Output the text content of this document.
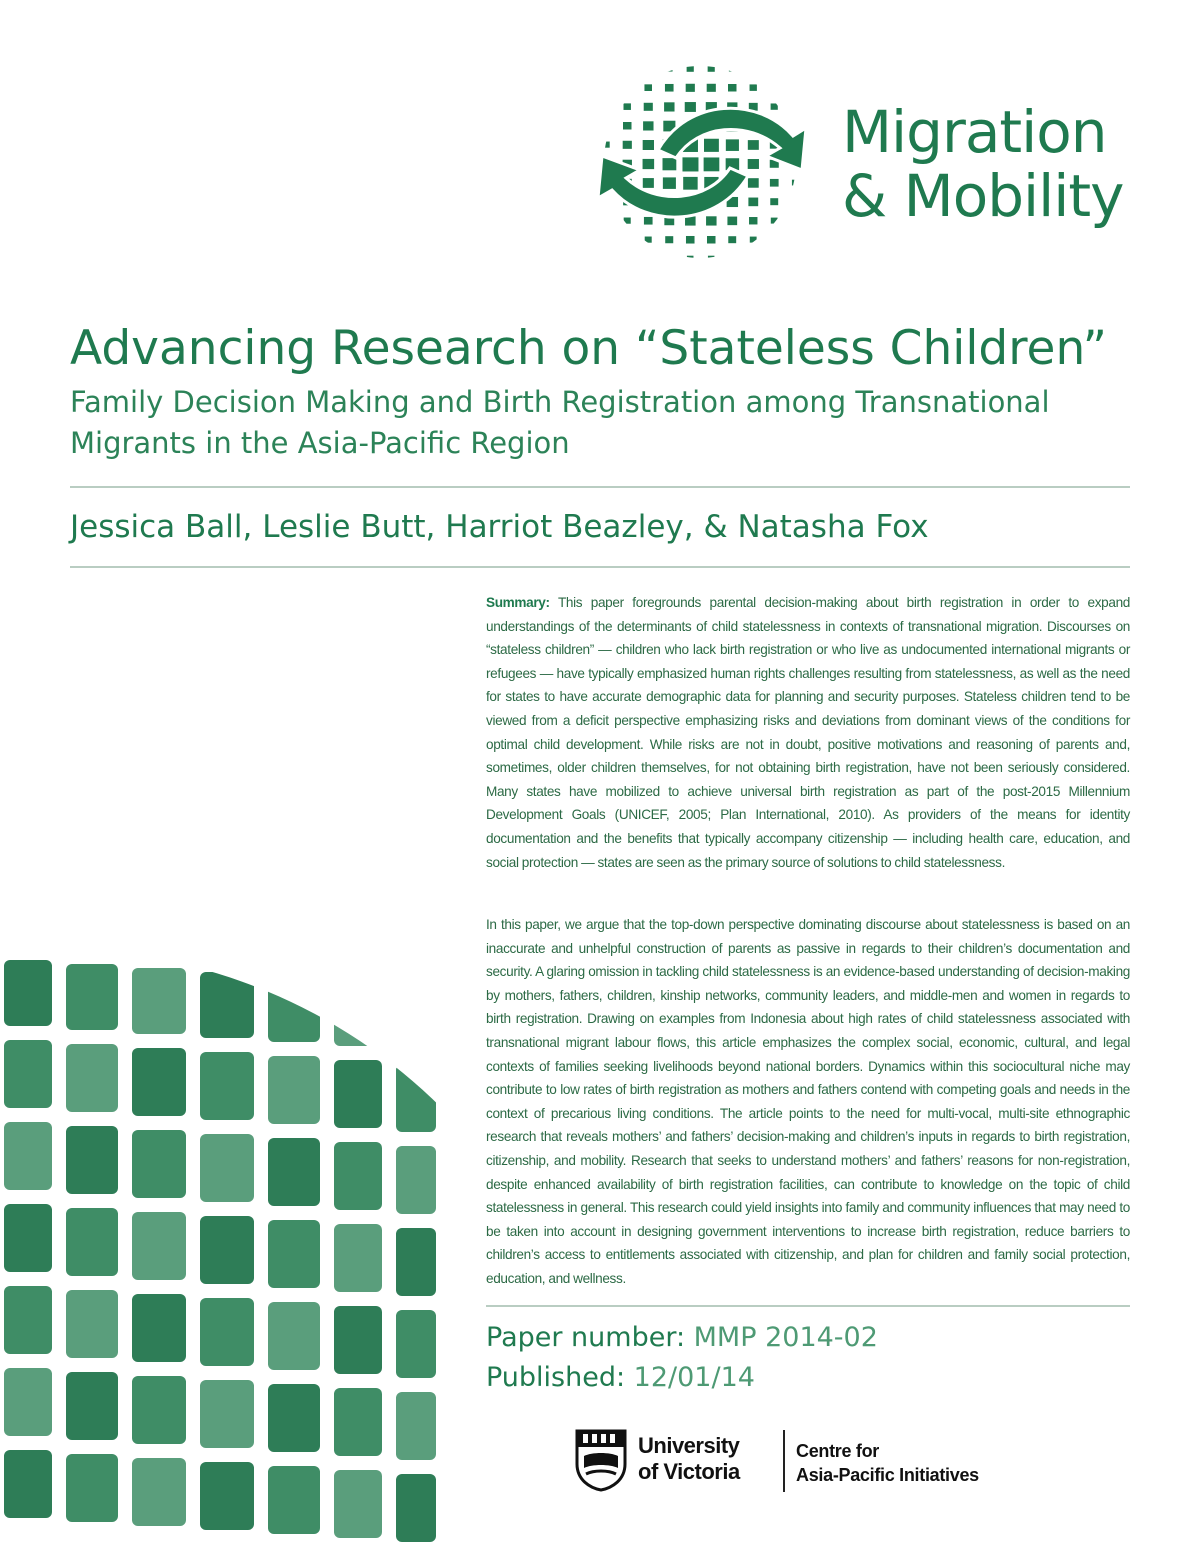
Migration
& Mobility
Advancing Research on “Stateless Children”
Family Decision Making and Birth Registration among Transnational Migrants in the Asia-Pacific Region
Jessica Ball, Leslie Butt, Harriot Beazley, & Natasha Fox
Summary: This paper foregrounds parental decision-making about birth registration in order to expand understandings of the determinants of child statelessness in contexts of transnational migration. Discourses on “stateless children” — children who lack birth registration or who live as undocumented international migrants or refugees — have typically emphasized human rights challenges resulting from statelessness, as well as the need for states to have accurate demographic data for planning and security purposes. Stateless children tend to be viewed from a deficit perspective emphasizing risks and deviations from dominant views of the conditions for optimal child development. While risks are not in doubt, positive motivations and reasoning of parents and, sometimes, older children themselves, for not obtaining birth registration, have not been seriously considered. Many states have mobilized to achieve universal birth registration as part of the post-2015 Millennium Development Goals (UNICEF, 2005; Plan International, 2010). As providers of the means for identity documentation and the benefits that typically accompany citizenship — including health care, education, and social protection — states are seen as the primary source of solutions to child statelessness.
In this paper, we argue that the top-down perspective dominating discourse about statelessness is based on an inaccurate and unhelpful construction of parents as passive in regards to their children’s documentation and security. A glaring omission in tackling child statelessness is an evidence-based understanding of decision-making by mothers, fathers, children, kinship networks, community leaders, and middle-men and women in regards to birth registration. Drawing on examples from Indonesia about high rates of child statelessness associated with transnational migrant labour flows, this article emphasizes the complex social, economic, cultural, and legal contexts of families seeking livelihoods beyond national borders. Dynamics within this sociocultural niche may contribute to low rates of birth registration as mothers and fathers contend with competing goals and needs in the context of precarious living conditions. The article points to the need for multi-vocal, multi-site ethnographic research that reveals mothers’ and fathers’ decision-making and children’s inputs in regards to birth registration, citizenship, and mobility. Research that seeks to understand mothers’ and fathers’ reasons for non-registration, despite enhanced availability of birth registration facilities, can contribute to knowledge on the topic of child statelessness in general. This research could yield insights into family and community influences that may need to be taken into account in designing government interventions to increase birth registration, reduce barriers to children’s access to entitlements associated with citizenship, and plan for children and family social protection, education, and wellness.
Paper number: MMP 2014-02
Published: 12/01/14
University
of Victoria
Centre for
Asia-Pacific Initiatives
